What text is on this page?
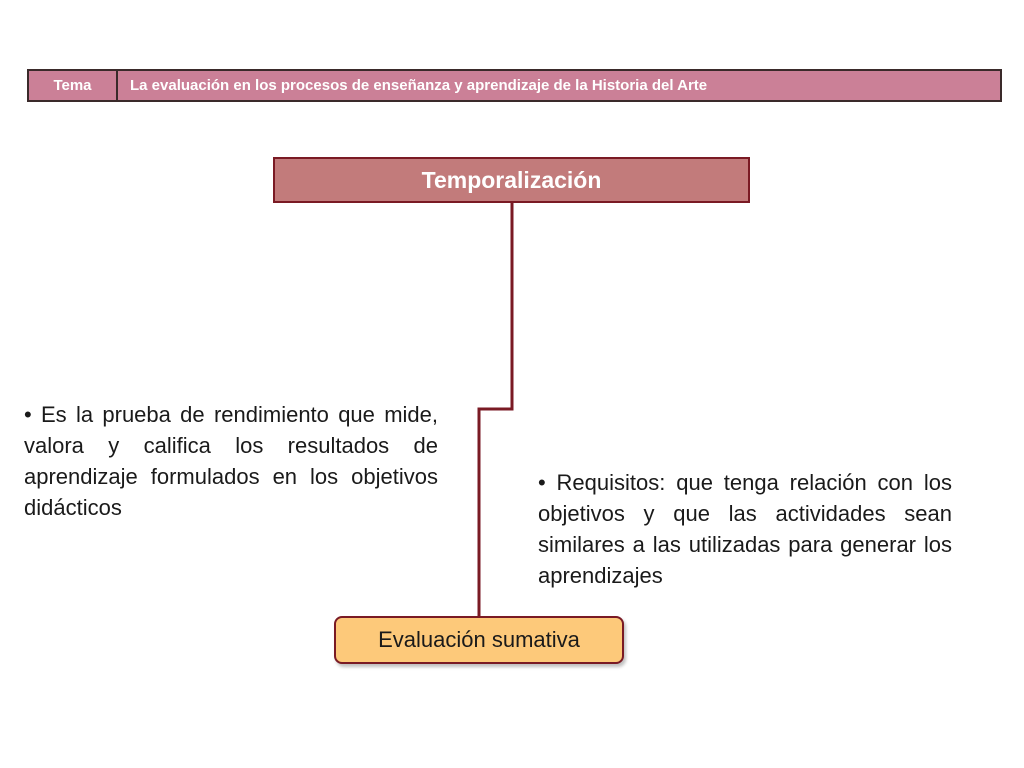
Tema	La evaluación en los procesos de enseñanza y aprendizaje de la Historia del Arte
Temporalización
• Es la prueba de rendimiento que mide, valora y califica los resultados de aprendizaje formulados en los objetivos didácticos
• Requisitos: que tenga relación con los objetivos y que las actividades sean similares a las utilizadas para generar los aprendizajes
Evaluación sumativa
